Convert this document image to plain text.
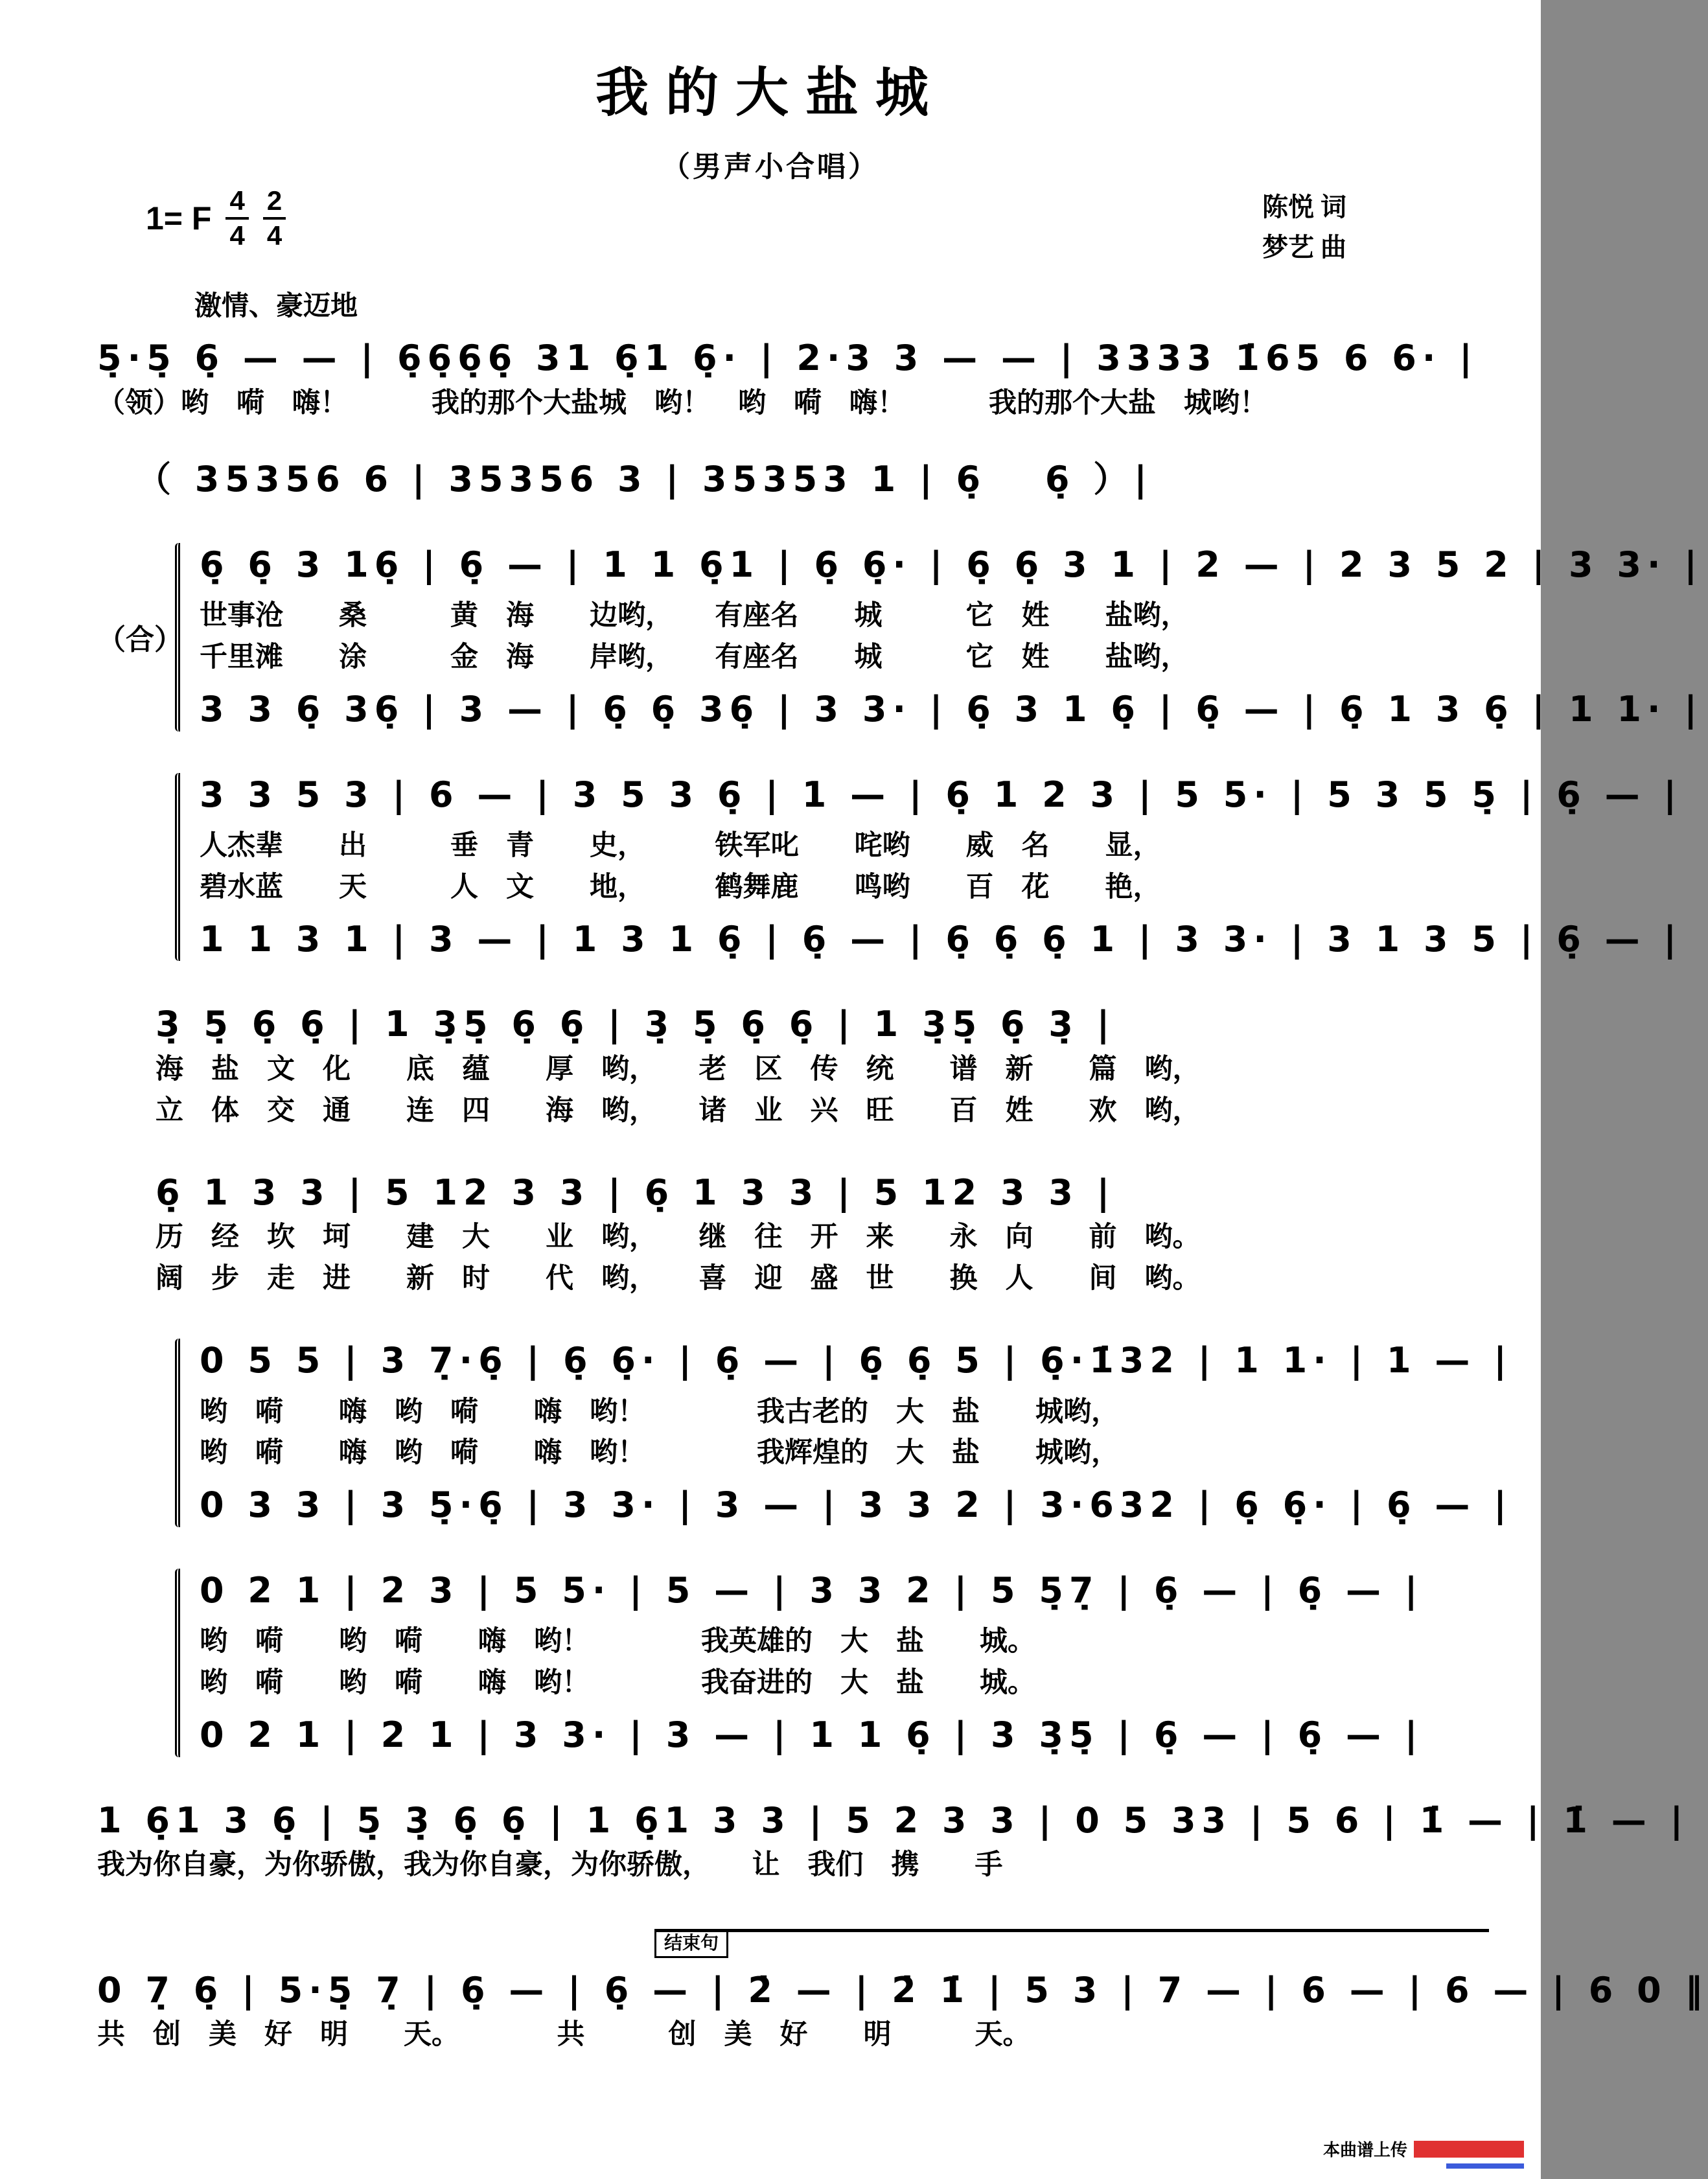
我的大盐城
（男声小合唱）
1= F $\frac{4}{4} \frac{2}{4}$	陈悦 词
梦艺 曲
激情、豪迈地
5̣·5̣ 6̣ — — | 6̣6̣6̣6̣ 31 6̣1 6̣· | 2·3 3 — — | 3333 1̇65 6 6· |
（领）哟　嗬　嗨！　　　我的那个大盐城　哟！　哟　嗬　嗨！　　　我的那个大盐　城哟！
（ 35356 6 | 35356 3 | 35353 1 | 6̣　 6̣ ）|
（合）
6̣ 6̣ 3 16̣ | 6̣ — | 1 1 6̣1 | 6̣ 6̣· | 6̣ 6̣ 3 1 | 2 — | 2 3 5 2 | 3 3· |
世事沧　　桑　　　黄　海　　边哟，　　有座名　　城　　　它　姓　　盐哟，
千里滩　　涂　　　金　海　　岸哟，　　有座名　　城　　　它　姓　　盐哟，
3 3 6̣ 36̣ | 3 — | 6̣ 6̣ 36̣ | 3 3· | 6̣ 3 1 6̣ | 6̣ — | 6̣ 1 3 6̣ | 1 1· |
3 3 5 3 | 6 — | 3 5 3 6̣ | 1 — | 6̣ 1 2 3 | 5 5· | 5 3 5 5̣ | 6̣ — |
人杰辈　　出　　　垂　青　　史，　　　铁军叱　　咤哟　　威　名　　显，
碧水蓝　　天　　　人　文　　地，　　　鹤舞鹿　　鸣哟　　百　花　　艳，
1 1 3 1 | 3 — | 1 3 1 6̣ | 6̣ — | 6̣ 6̣ 6̣ 1 | 3 3· | 3 1 3 5 | 6̣ — |
3̣ 5̣ 6̣ 6̣ | 1 3̣5̣ 6̣ 6̣ | 3̣ 5̣ 6̣ 6̣ | 1 3̣5̣ 6̣ 3̣ |
海　盐　文　化　　底　蕴　　厚　哟，　　老　区　传　统　　谱　新　　篇　哟，
立　体　交　通　　连　四　　海　哟，　　诸　业　兴　旺　　百　姓　　欢　哟，
6̣ 1 3 3 | 5 12 3 3 | 6̣ 1 3 3 | 5 12 3 3 |
历　经　坎　坷　　建　大　　业　哟，　　继　往　开　来　　永　向　　前　哟。
阔　步　走　进　　新　时　　代　哟，　　喜　迎　盛　世　　换　人　　间　哟。
0 5 5 | 3 7̣·6̣ | 6̣ 6̣· | 6̣ — | 6̣ 6̣ 5 | 6̣·1̇32 | 1 1· | 1 — |
哟　嗬　　嗨　哟　嗬　　嗨　哟！　　　　我古老的　大　盐　　城哟，
哟　嗬　　嗨　哟　嗬　　嗨　哟！　　　　我辉煌的　大　盐　　城哟，
0 3 3 | 3 5̣·6̣ | 3 3· | 3 — | 3 3 2 | 3·632 | 6̣ 6̣· | 6̣ — |
0 2 1 | 2 3 | 5 5· | 5 — | 3 3 2 | 5 5̣7̣ | 6̣ — | 6̣ — |
哟　嗬　　哟　嗬　　嗨　哟！　　　　我英雄的　大　盐　　城。
哟　嗬　　哟　嗬　　嗨　哟！　　　　我奋进的　大　盐　　城。
0 2 1 | 2 1 | 3 3· | 3 — | 1 1 6̣ | 3 3̣5̣ | 6̣ — | 6̣ — |
1 6̣1 3 6̣ | 5̣ 3̣ 6̣ 6̣ | 1 6̣1 3 3 | 5 2 3 3 | 0 5 33 | 5 6 | 1̇ — | 1̇ — |
我为你自豪，为你骄傲，我为你自豪，为你骄傲，　　让　我们　携　　手
结束句
0 7̣ 6̣ | 5·5̣ 7̣ | 6̣ — | 6̣ — | 2̇ — | 2̇ 1̇ | 5 3 | 7 — | 6 — | 6 — | 6 0 ‖
共　创　美　好　明　　天。　　　　共　　　创　美　好　　明　　　天。
本曲谱上传
